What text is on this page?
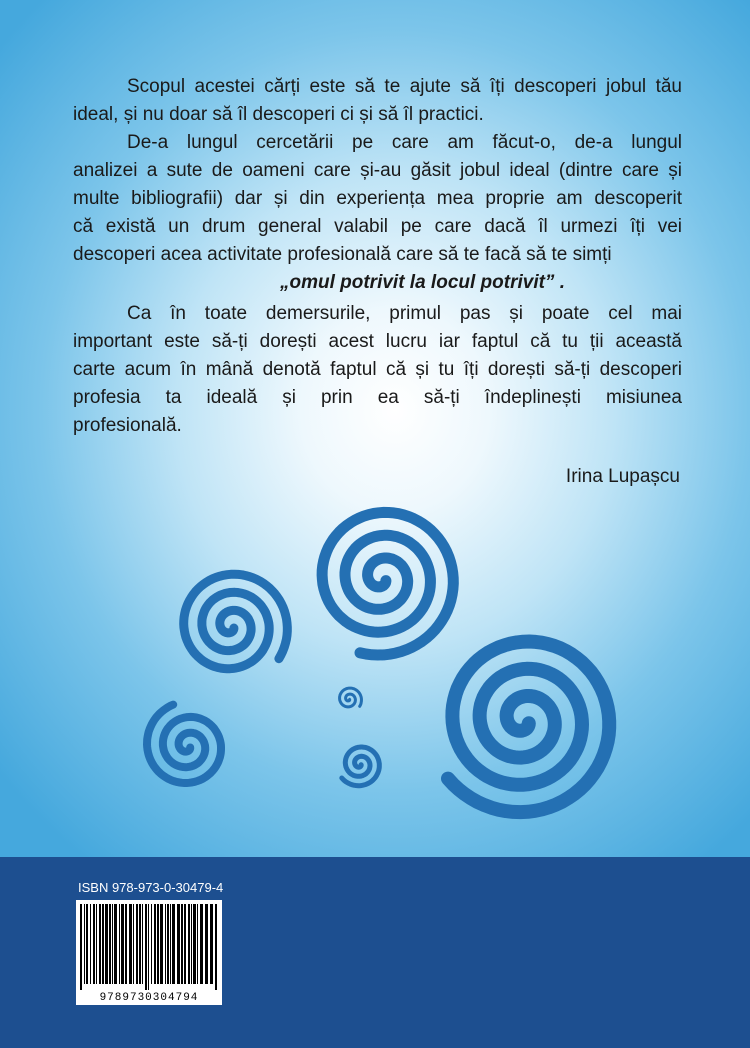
Scopul acestei cărți este să te ajute să îți descoperi jobul tău
ideal, și nu doar să îl descoperi ci și să îl practici.
De-a lungul cercetării pe care am făcut-o, de-a lungul
analizei a sute de oameni care și-au găsit jobul ideal (dintre care și
multe bibliografii) dar și din experiența mea proprie am descoperit
că există un drum general valabil pe care dacă îl urmezi îți vei
descoperi acea activitate profesională care să te facă să te simți
„omul potrivit la locul potrivit” .
Ca în toate demersurile, primul pas și poate cel mai
important este să-ți dorești acest lucru iar faptul că tu ții această
carte acum în mână denotă faptul că și tu îți dorești să-ți descoperi
profesia ta ideală și prin ea să-ți îndeplinești misiunea
profesională.
Irina Lupașcu
ISBN 978-973-0-30479-4
9789730304794
